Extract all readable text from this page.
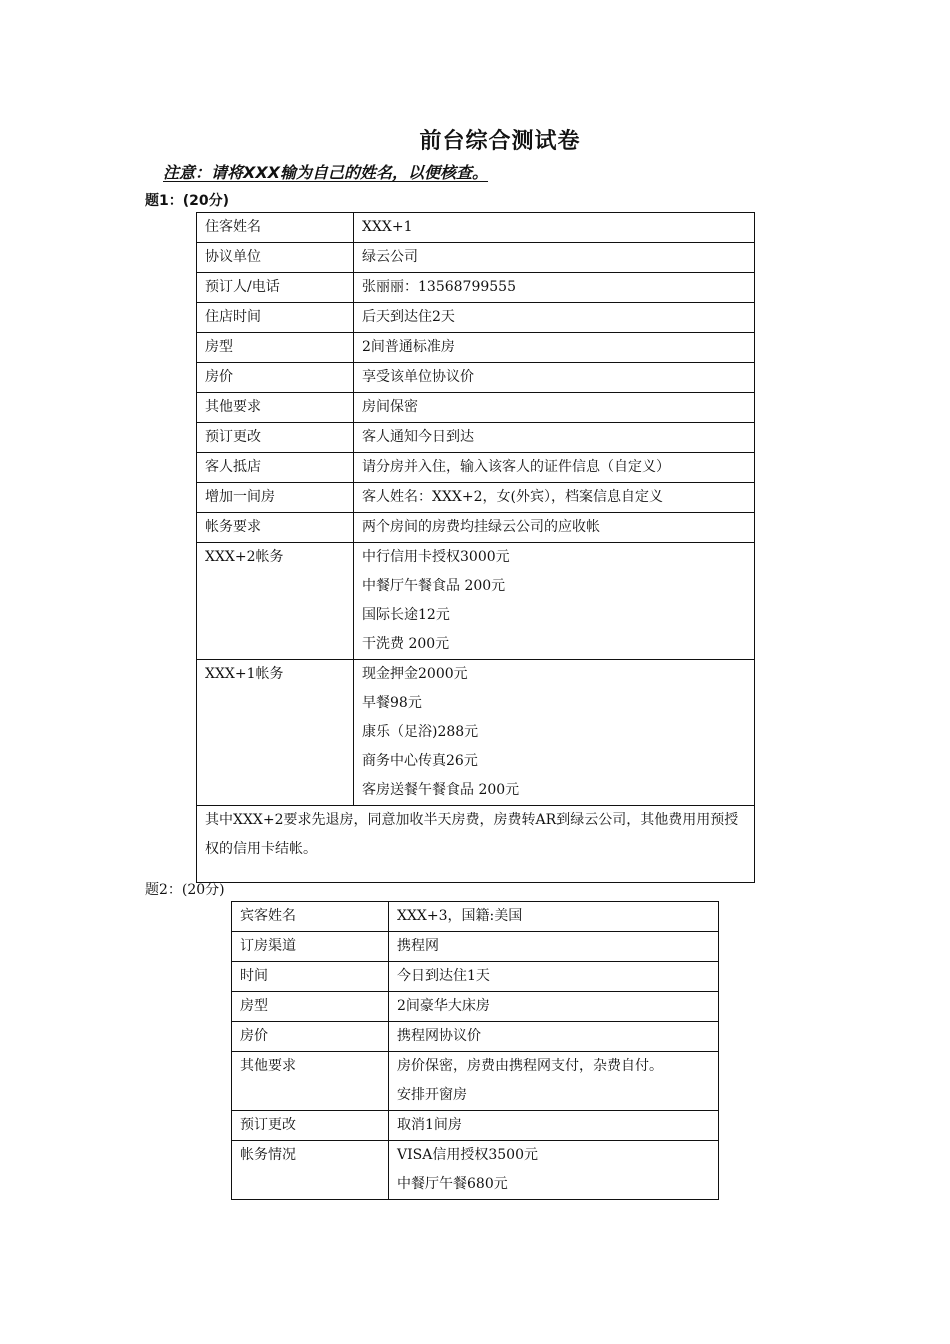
前台综合测试卷
注意：请将XXX输为自己的姓名，以便核查。
题1：(20分)
住客姓名	XXX+1
协议单位	绿云公司
预订人/电话	张丽丽：13568799555
住店时间	后天到达住2天
房型	2间普通标准房
房价	享受该单位协议价
其他要求	房间保密
预订更改	客人通知今日到达
客人抵店	请分房并入住，输入该客人的证件信息（自定义）
增加一间房	客人姓名：XXX+2，女(外宾），档案信息自定义
帐务要求	两个房间的房费均挂绿云公司的应收帐
XXX+2帐务	中行信用卡授权3000元
中餐厅午餐食品 200元
国际长途12元
干洗费 200元

XXX+1帐务	现金押金2000元
早餐98元
康乐（足浴)288元
商务中心传真26元
客房送餐午餐食品 200元

其中XXX+2要求先退房，同意加收半天房费，房费转AR到绿云公司，其他费用用预授权的信用卡结帐。	
题2：(20分)
宾客姓名	XXX+3，国籍:美国
订房渠道	携程网
时间	今日到达住1天
房型	2间豪华大床房
房价	携程网协议价
其他要求	房价保密，房费由携程网支付，杂费自付。
安排开窗房

预订更改	取消1间房
帐务情况	VISA信用授权3500元
中餐厅午餐680元
